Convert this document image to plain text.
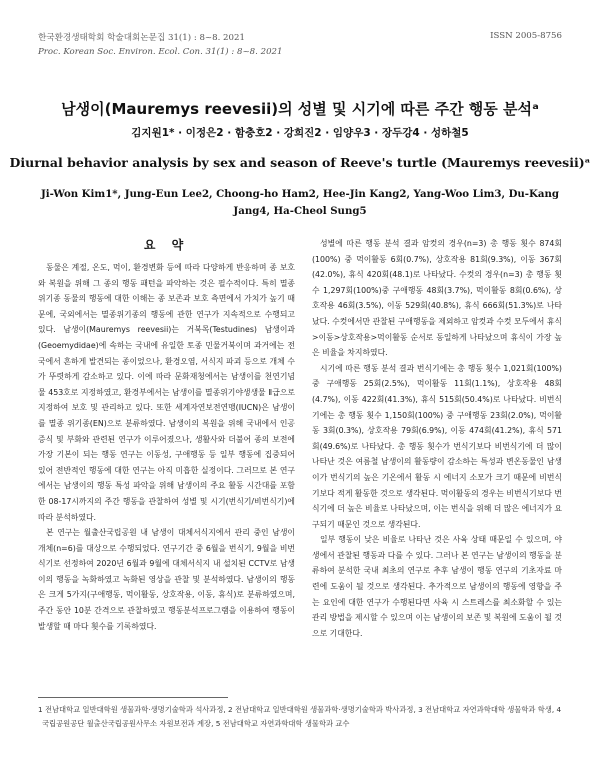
한국환경생태학회 학술대회논문집 31(1) : 8~8. 2021
Proc. Korean Soc. Environ. Ecol. Con. 31(1) : 8~8. 2021
ISSN 2005-8756
남생이(Mauremys reevesii)의 성별 및 시기에 따른 주간 행동 분석ᵃ
김지원1* · 이정은2 · 함충호2 · 강희진2 · 임양우3 · 장두강4 · 성하철5
Diurnal behavior analysis by sex and season of Reeve's turtle (Mauremys reevesii)ᵃ
Ji-Won Kim1*, Jung-Eun Lee2, Choong-ho Ham2, Hee-Jin Kang2, Yang-Woo Lim3, Du-Kang Jang4, Ha-Cheol Sung5
요 약

동물은 계절, 온도, 먹이, 환경변화 등에 따라 다양하게 반응하며 종 보호와 복원을 위해 그 종의 행동 패턴을 파악하는 것은 필수적이다. 특히 멸종위기종 동물의 행동에 대한 이해는 종 보존과 보호 측면에서 가치가 높기 때문에, 국외에서는 멸종위기종의 행동에 관한 연구가 지속적으로 수행되고 있다. 남생이(Mauremys reevesii)는 거북목(Testudines) 남생이과(Geoemydidae)에 속하는 국내에 유일한 토종 민물거북이며 과거에는 전국에서 흔하게 발견되는 종이었으나, 환경오염, 서식지 파괴 등으로 개체 수가 뚜렷하게 감소하고 있다. 이에 따라 문화재청에서는 남생이를 천연기념물 453호로 지정하였고, 환경부에서는 남생이를 멸종위기야생생물 Ⅱ급으로 지정하여 보호 및 관리하고 있다. 또한 세계자연보전연맹(IUCN)은 남생이를 멸종 위기종(EN)으로 분류하였다. 남생이의 복원을 위해 국내에서 인공증식 및 부화와 관련된 연구가 이루어졌으나, 생활사와 더불어 종의 보전에 가장 기본이 되는 행동 연구는 이동성, 구애행동 등 일부 행동에 집중되어 있어 전반적인 행동에 대한 연구는 아직 미흡한 실정이다. 그러므로 본 연구에서는 남생이의 행동 특성 파악을 위해 남생이의 주요 활동 시간대를 포함한 08-17시까지의 주간 행동을 관찰하여 성별 및 시기(번식기/비번식기)에 따라 분석하였다.

본 연구는 월출산국립공원 내 남생이 대체서식지에서 관리 중인 남생이 개체(n=6)를 대상으로 수행되었다. 연구기간 중 6월을 번식기, 9월을 비번식기로 선정하여 2020년 6월과 9월에 대체서식지 내 설치된 CCTV로 남생이의 행동을 녹화하였고 녹화된 영상을 관찰 및 분석하였다. 남생이의 행동은 크게 5가지(구애행동, 먹이활동, 상호작용, 이동, 휴식)로 분류하였으며, 주간 동안 10분 간격으로 관찰하였고 행동분석프로그램을 이용하여 행동이 발생할 때 마다 횟수를 기록하였다.

성별에 따른 행동 분석 결과 암컷의 경우(n=3) 총 행동 횟수 874회(100%) 중 먹이활동 6회(0.7%), 상호작용 81회(9.3%), 이동 367회(42.0%), 휴식 420회(48.1)로 나타났다. 수컷의 경우(n=3) 총 행동 횟수 1,297회(100%)중 구애행동 48회(3.7%), 먹이활동 8회(0.6%), 상호작용 46회(3.5%), 이동 529회(40.8%), 휴식 666회(51.3%)로 나타났다. 수컷에서만 관찰된 구애행동을 제외하고 암컷과 수컷 모두에서 휴식>이동>상호작용>먹이활동 순서로 동일하게 나타났으며 휴식이 가장 높은 비율을 차지하였다.

시기에 따른 행동 분석 결과 번식기에는 총 행동 횟수 1,021회(100%) 중 구애행동 25회(2.5%), 먹이활동 11회(1.1%), 상호작용 48회(4.7%), 이동 422회(41.3%), 휴식 515회(50.4%)로 나타났다. 비번식기에는 총 행동 횟수 1,150회(100%) 중 구애행동 23회(2.0%), 먹이활동 3회(0.3%), 상호작용 79회(6.9%), 이동 474회(41.2%), 휴식 571회(49.6%)로 나타났다. 총 행동 횟수가 번식기보다 비번식기에 더 많이 나타난 것은 여름철 남생이의 활동량이 감소하는 특성과 변온동물인 남생이가 번식기의 높은 기온에서 활동 시 에너지 소모가 크기 때문에 비번식기보다 적게 활동한 것으로 생각된다. 먹이활동의 경우는 비번식기보다 번식기에 더 높은 비율로 나타났으며, 이는 번식을 위해 더 많은 에너지가 요구되기 때문인 것으로 생각된다.

일부 행동이 낮은 비율로 나타난 것은 사육 상태 때문일 수 있으며, 야생에서 관찰된 행동과 다를 수 있다. 그러나 본 연구는 남생이의 행동을 분류하여 분석한 국내 최초의 연구로 추후 남생이 행동 연구의 기초자료 마련에 도움이 될 것으로 생각된다. 추가적으로 남생이의 행동에 영향을 주는 요인에 대한 연구가 수행된다면 사육 시 스트레스를 최소화할 수 있는 관리 방법을 제시할 수 있으며 이는 남생이의 보존 및 복원에 도움이 될 것으로 기대한다.

1 전남대학교 일반대학원 생물과학·생명기술학과 석사과정, 2 전남대학교 일반대학원 생물과학·생명기술학과 박사과정, 3 전남대학교 자연과학대학 생물학과 학생, 4 국립공원공단 월출산국립공원사무소 자원보전과 계장, 5 전남대학교 자연과학대학 생물학과 교수
